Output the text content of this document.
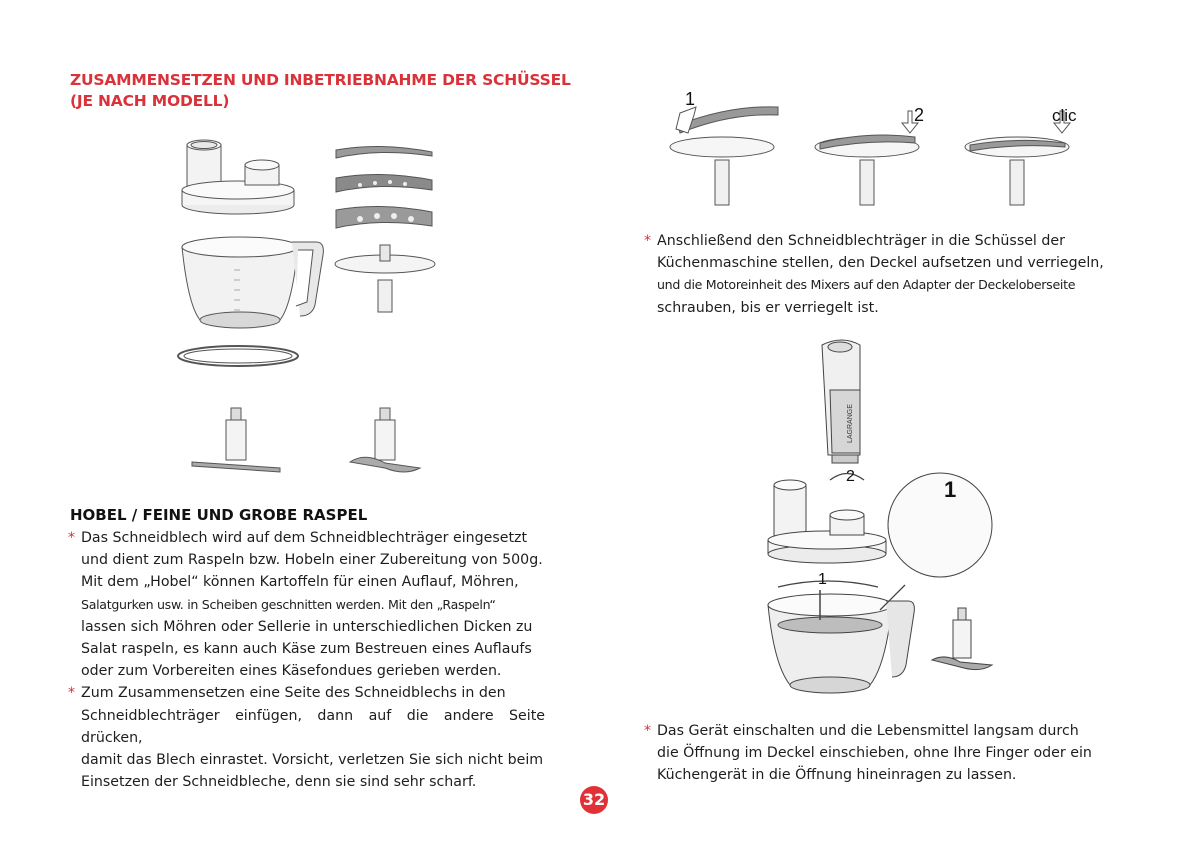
ZUSAMMENSETZEN UND INBETRIEBNAHME DER SCHÜSSEL
(JE NACH MODELL)
HOBEL / FEINE UND GROBE RASPEL

* Das Schneidblech wird auf dem Schneidblechträger eingesetzt

und dient zum Raspeln bzw. Hobeln einer Zubereitung von 500g.

Mit dem „Hobel“ können Kartoffeln für einen Auflauf, Möhren,

Salatgurken usw. in Scheiben geschnitten werden. Mit den „Raspeln“

lassen sich Möhren oder Sellerie in unterschiedlichen Dicken zu

Salat raspeln, es kann auch Käse zum Bestreuen eines Auflaufs

oder zum Vorbereiten eines Käsefondues gerieben werden.

* Zum Zusammensetzen eine Seite des Schneidblechs in den

Schneidblechträger einfügen, dann auf die andere Seite drücken,

damit das Blech einrastet. Vorsicht, verletzen Sie sich nicht beim

Einsetzen der Schneidbleche, denn sie sind sehr scharf.

1
2	clic

* Anschließend den Schneidblechträger in die Schüssel der

Küchenmaschine stellen, den Deckel aufsetzen und verriegeln,

und die Motoreinheit des Mixers auf den Adapter der Deckeloberseite

schrauben, bis er verriegelt ist.

2
1
1
LAGRANGE

* Das Gerät einschalten und die Lebensmittel langsam durch

die Öffnung im Deckel einschieben, ohne Ihre Finger oder ein

Küchengerät in die Öffnung hineinragen zu lassen.

32
